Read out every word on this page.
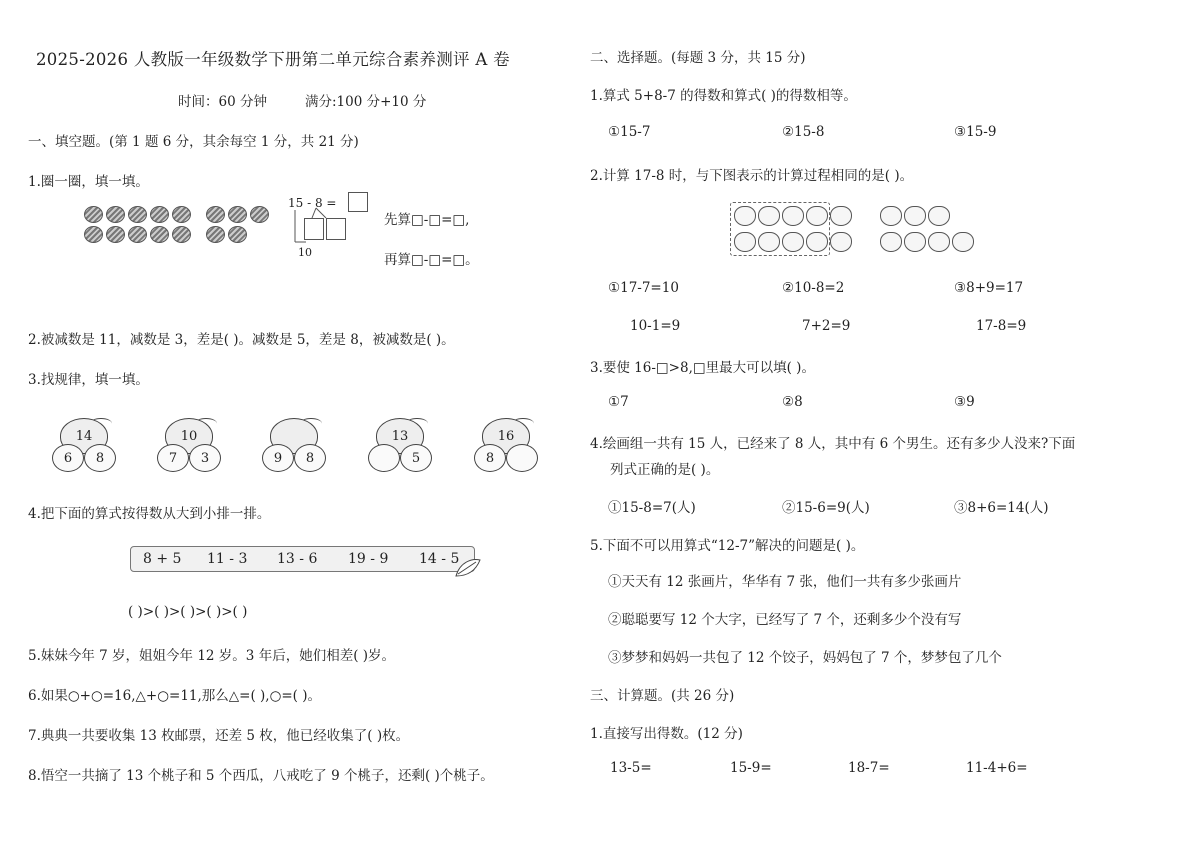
2025-2026 人教版一年级数学下册第二单元综合素养测评 A 卷
时间：60 分钟	满分:100 分+10 分
一、填空题。(第 1 题 6 分，其余每空 1 分，共 21 分)
1.圈一圈，填一填。
15 - 8 =
10
先算□-□=□,
再算□-□=□。
2.被减数是 11，减数是 3，差是( )。减数是 5，差是 8，被减数是( )。
3.找规律，填一填。
14
6	8
10
7	3	9	8
13
5
16
8
4.把下面的算式按得数从大到小排一排。
8 + 5 11 - 3 13 - 6 19 - 9 14 - 5
( )>( )>( )>( )>( )
5.妹妹今年 7 岁，姐姐今年 12 岁。3 年后，她们相差( )岁。
6.如果○+○=16,△+○=11,那么△=( ),○=( )。
7.典典一共要收集 13 枚邮票，还差 5 枚，他已经收集了( )枚。
8.悟空一共摘了 13 个桃子和 5 个西瓜，八戒吃了 9 个桃子，还剩( )个桃子。
二、选择题。(每题 3 分，共 15 分)
1.算式 5+8-7 的得数和算式( )的得数相等。
①15-7	②15-8	③15-9
2.计算 17-8 时，与下图表示的计算过程相同的是( )。
①17-7=10	②10-8=2	③8+9=17
10-1=9	7+2=9	17-8=9
3.要使 16-□>8,□里最大可以填( )。
①7	②8	③9
4.绘画组一共有 15 人，已经来了 8 人，其中有 6 个男生。还有多少人没来?下面
列式正确的是( )。
①15-8=7(人)	②15-6=9(人)	③8+6=14(人)
5.下面不可以用算式“12-7”解决的问题是( )。
①天天有 12 张画片，华华有 7 张，他们一共有多少张画片
②聪聪要写 12 个大字，已经写了 7 个，还剩多少个没有写
③梦梦和妈妈一共包了 12 个饺子，妈妈包了 7 个，梦梦包了几个
三、计算题。(共 26 分)
1.直接写出得数。(12 分)
13-5=	15-9=	18-7=	11-4+6=
